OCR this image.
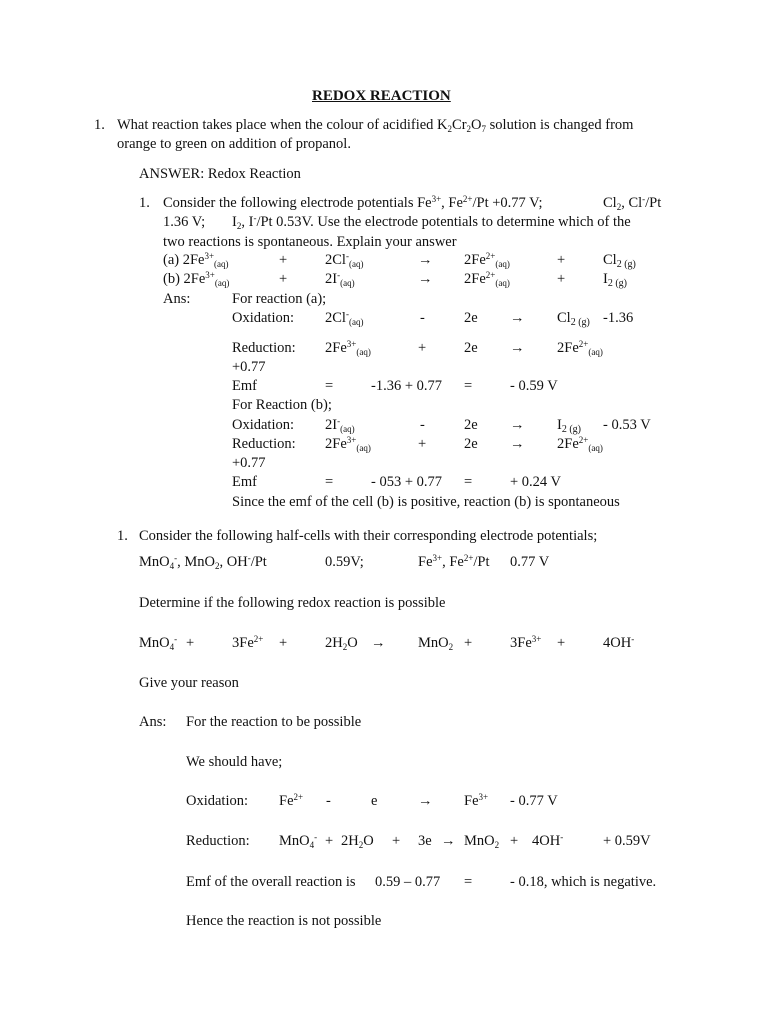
REDOX REACTION
1. What reaction takes place when the colour of acidified $K_2Cr_2O_7$ solution is changed from
orange to green on addition of propanol.
ANSWER: Redox Reaction
1. Consider the following electrode potentials $Fe^{3+}$, $Fe^{2+}/Pt +0.77$ V;	$Cl_2$, Cl-/Pt
1.36 V; $I_2$, I-/Pt 0.53V. Use the electrode potentials to determine which of the
two reactions is spontaneous. Explain your answer
(a) $2Fe^{3+}_{(aq)}$	+	$2Cl^-_{(aq)}$	→ $2Fe^{2+}_{(aq)}$	+	$Cl_{2 (g)}$
(b) $2Fe^{3+}_{(aq)}$	+	$2I^-_{(aq)}$	→ $2Fe^{2+}_{(aq)}$	+	$I_{2 (g)}$
Ans:	For reaction (a);
Oxidation: $2Cl^-_{(aq)}$	-	$2e \to Cl_{2 (g)}$ -1.36
Reduction: $2Fe^{3+}_{(aq)}$	+	$2e \to 2Fe^{2+}_{(aq)}$
+0.77
Emf	=	-1.36 + 0.77 =	- 0.59 V
For Reaction (b);
Oxidation: $2I^-_{(aq)}$	-	$2e \to I_{2 (g)} - 0.53$ V
Reduction: $2Fe^{3+}_{(aq)}$	+	$2e \to 2Fe^{2+}_{(aq)}$
+0.77
Emf	=	- 053 + 0.77 =	+ 0.24 V
Since the emf of the cell (b) is positive, reaction (b) is spontaneous
1. Consider the following half-cells with their corresponding electrode potentials;
MnO$_4$-, MnO$_2$, OH-/Pt	0.59V;	$Fe^{3+}$, $Fe^{2+}/Pt$ 0.77 V
Determine if the following redox reaction is possible
MnO$_4$- +	$3Fe^{2+}$ +	$2H_2O \to MnO_2$ +	$3Fe^{3+}$ +	4OH-
Give your reason
Ans: For the reaction to be possible
We should have;
Oxidation: $Fe^{2+}$ -	e	→ $Fe^{3+} - 0.77$ V
Reduction: $MnO_4^- + 2H_2O + 3e \to MnO_2 + 4OH^-$	+ 0.59V
Emf of the overall reaction is 0.59 – 0.77 =	- 0.18, which is negative.
Hence the reaction is not possible
